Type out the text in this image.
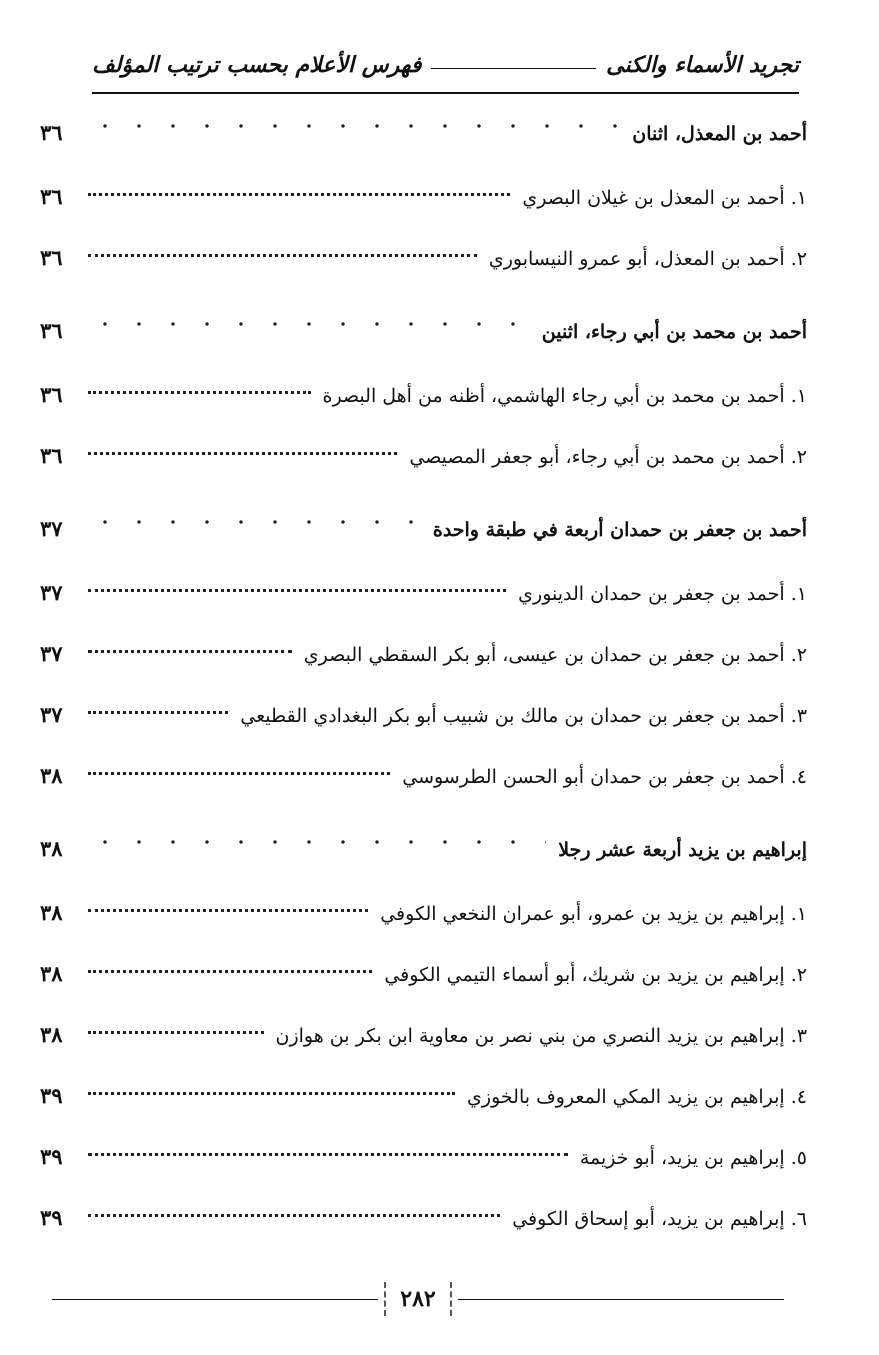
تجريد الأسماء والكنى
فهرس الأعلام بحسب ترتيب المؤلف
أحمد بن المعذل، اثنان
٣٦
١. أحمد بن المعذل بن غيلان البصري
٣٦
٢. أحمد بن المعذل، أبو عمرو النيسابوري
٣٦
أحمد بن محمد بن أبي رجاء، اثنين
٣٦
١. أحمد بن محمد بن أبي رجاء الهاشمي، أظنه من أهل البصرة
٣٦
٢. أحمد بن محمد بن أبي رجاء، أبو جعفر المصيصي
٣٦
أحمد بن جعفر بن حمدان أربعة في طبقة واحدة
٣٧
١. أحمد بن جعفر بن حمدان الدينوري
٣٧
٢. أحمد بن جعفر بن حمدان بن عيسى، أبو بكر السقطي البصري
٣٧
٣. أحمد بن جعفر بن حمدان بن مالك بن شبيب أبو بكر البغدادي القطيعي
٣٧
٤. أحمد بن جعفر بن حمدان أبو الحسن الطرسوسي
٣٨
إبراهيم بن يزيد أربعة عشر رجلا
٣٨
١. إبراهيم بن يزيد بن عمرو، أبو عمران النخعي الكوفي
٣٨
٢. إبراهيم بن يزيد بن شريك، أبو أسماء التيمي الكوفي
٣٨
٣. إبراهيم بن يزيد النصري من بني نصر بن معاوية ابن بكر بن هوازن
٣٨
٤. إبراهيم بن يزيد المكي المعروف بالخوزي
٣٩
٥. إبراهيم بن يزيد، أبو خزيمة
٣٩
٦. إبراهيم بن يزيد، أبو إسحاق الكوفي
٣٩
٢٨٢
